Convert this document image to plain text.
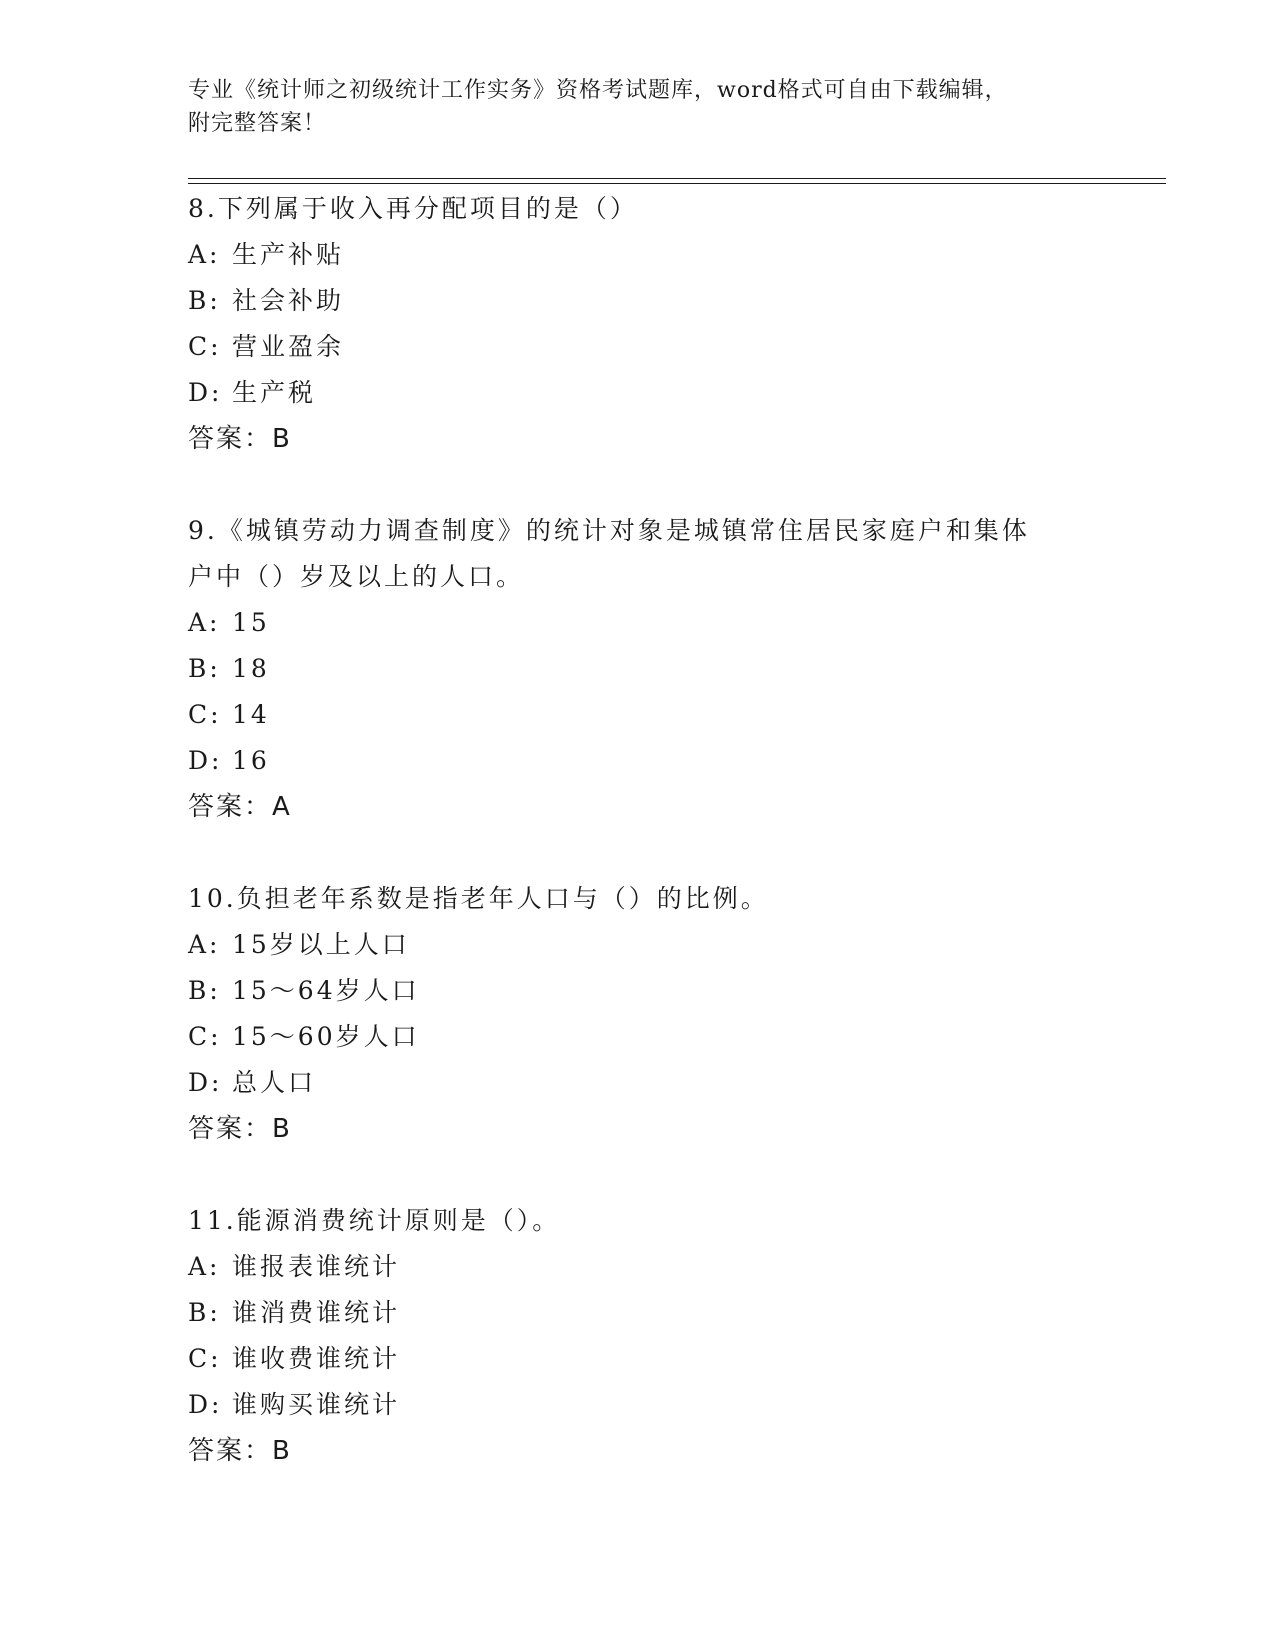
专业《统计师之初级统计工作实务》资格考试题库，word格式可自由下载编辑，
附完整答案！
8.下列属于收入再分配项目的是（）
A: 生产补贴
B: 社会补助
C: 营业盈余
D: 生产税
答案：B
9.《城镇劳动力调查制度》的统计对象是城镇常住居民家庭户和集体
户中（）岁及以上的人口。
A: 15
B: 18
C: 14
D: 16
答案：A
10.负担老年系数是指老年人口与（）的比例。
A: 15岁以上人口
B: 15～64岁人口
C: 15～60岁人口
D: 总人口
答案：B
11.能源消费统计原则是（）。
A: 谁报表谁统计
B: 谁消费谁统计
C: 谁收费谁统计
D: 谁购买谁统计
答案：B
